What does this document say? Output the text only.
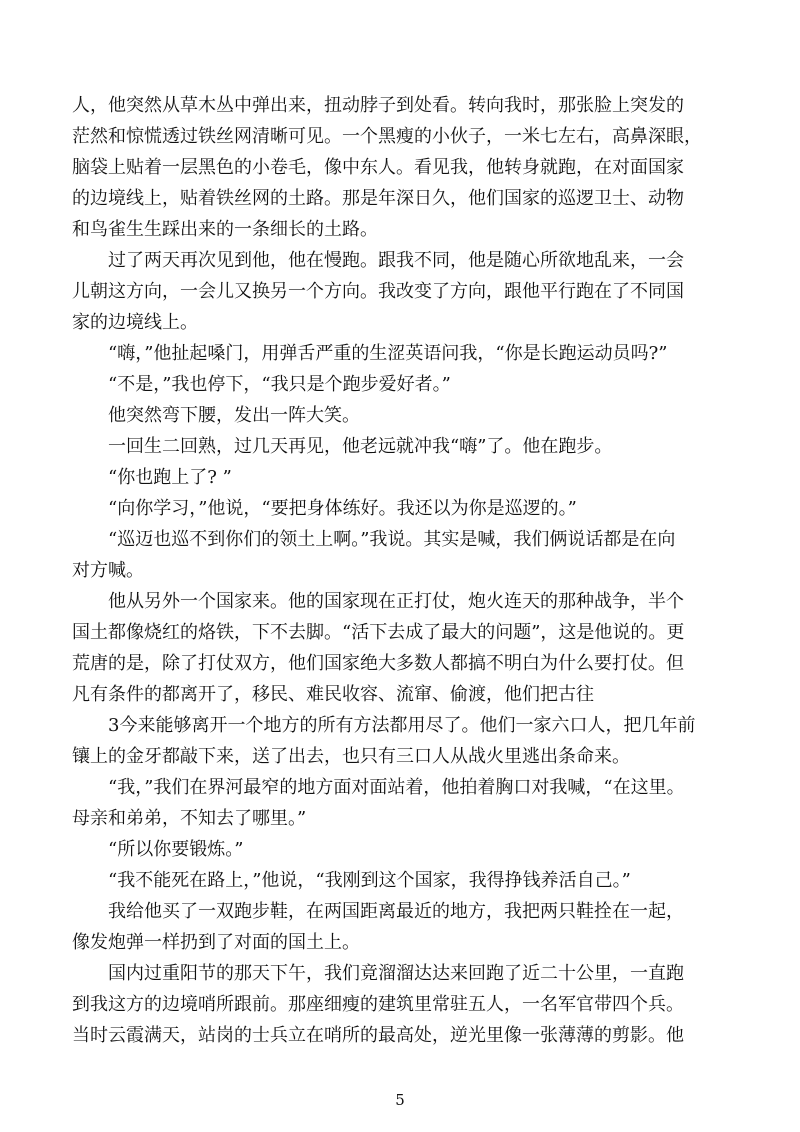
人，他突然从草木丛中弹出来，扭动脖子到处看。转向我时，那张脸上突发的
茫然和惊慌透过铁丝网清晰可见。一个黑瘦的小伙子，一米七左右，高鼻深眼，
脑袋上贴着一层黑色的小卷毛，像中东人。看见我，他转身就跑，在对面国家
的边境线上，贴着铁丝网的土路。那是年深日久，他们国家的巡逻卫士、动物
和鸟雀生生踩出来的一条细长的土路。
　　过了两天再次见到他，他在慢跑。跟我不同，他是随心所欲地乱来，一会
儿朝这方向，一会儿又换另一个方向。我改变了方向，跟他平行跑在了不同国
家的边境线上。
　　“嗨，”他扯起嗓门，用弹舌严重的生涩英语问我，“你是长跑运动员吗?”
　　“不是，”我也停下，“我只是个跑步爱好者。”
　　他突然弯下腰，发出一阵大笑。
　　一回生二回熟，过几天再见，他老远就冲我“嗨”了。他在跑步。
　　“你也跑上了? ”
　　“向你学习，”他说，“要把身体练好。我还以为你是巡逻的。”
　　“巡迈也巡不到你们的领土上啊。”我说。其实是喊，我们俩说话都是在向
对方喊。
　　他从另外一个国家来。他的国家现在正打仗，炮火连天的那种战争，半个
国土都像烧红的烙铁，下不去脚。“活下去成了最大的问题”，这是他说的。更
荒唐的是，除了打仗双方，他们国家绝大多数人都搞不明白为什么要打仗。但
凡有条件的都离开了，移民、难民收容、流窜、偷渡，他们把古往
　　3今来能够离开一个地方的所有方法都用尽了。他们一家六口人，把几年前
镶上的金牙都敲下来，送了出去，也只有三口人从战火里逃出条命来。
　　“我，”我们在界河最窄的地方面对面站着，他拍着胸口对我喊，“在这里。
母亲和弟弟，不知去了哪里。”
　　“所以你要锻炼。”
　　“我不能死在路上，”他说，“我刚到这个国家，我得挣钱养活自己。”
　　我给他买了一双跑步鞋，在两国距离最近的地方，我把两只鞋拴在一起，
像发炮弹一样扔到了对面的国土上。
　　国内过重阳节的那天下午，我们竟溜溜达达来回跑了近二十公里，一直跑
到我这方的边境哨所跟前。那座细瘦的建筑里常驻五人，一名军官带四个兵。
当时云霞满天，站岗的士兵立在哨所的最高处，逆光里像一张薄薄的剪影。他
5
